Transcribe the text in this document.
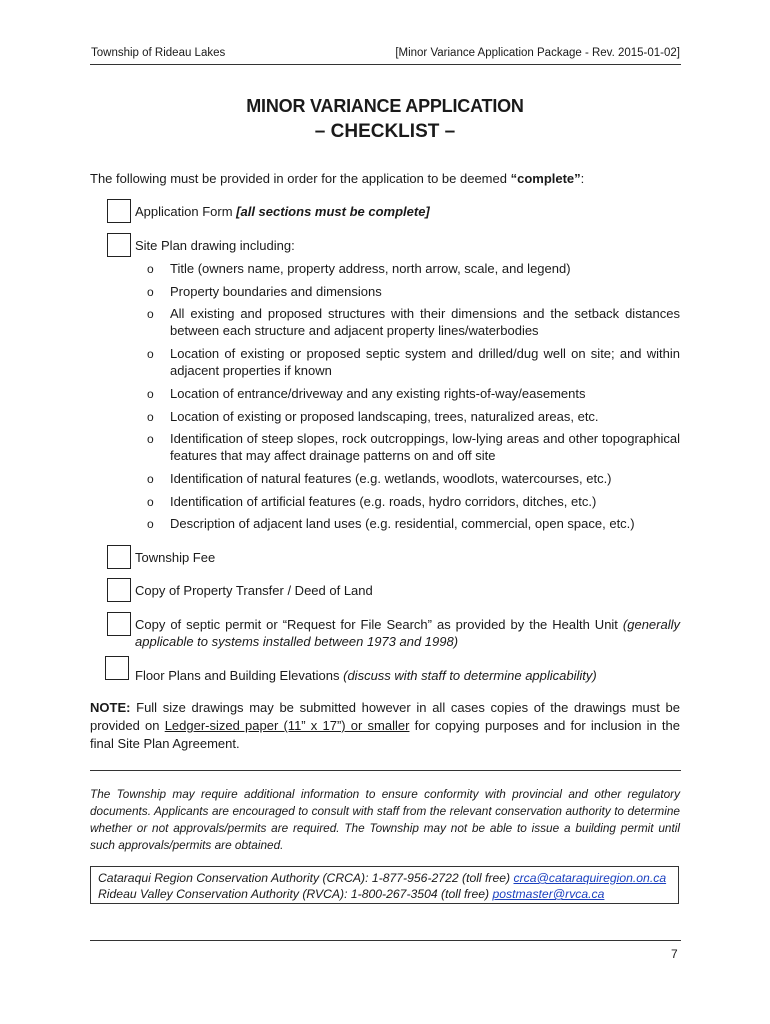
Township of Rideau Lakes	[Minor Variance Application Package - Rev. 2015-01-02]
MINOR VARIANCE APPLICATION
– CHECKLIST –
The following must be provided in order for the application to be deemed “complete”:
Application Form [all sections must be complete]
Site Plan drawing including:
o Title (owners name, property address, north arrow, scale, and legend)
o Property boundaries and dimensions
o All existing and proposed structures with their dimensions and the setback distances between each structure and adjacent property lines/waterbodies
o Location of existing or proposed septic system and drilled/dug well on site; and within adjacent properties if known
o Location of entrance/driveway and any existing rights-of-way/easements
o Location of existing or proposed landscaping, trees, naturalized areas, etc.
o Identification of steep slopes, rock outcroppings, low-lying areas and other topographical features that may affect drainage patterns on and off site
o Identification of natural features (e.g. wetlands, woodlots, watercourses, etc.)
o Identification of artificial features (e.g. roads, hydro corridors, ditches, etc.)
o Description of adjacent land uses (e.g. residential, commercial, open space, etc.)
Township Fee
Copy of Property Transfer / Deed of Land
Copy of septic permit or “Request for File Search” as provided by the Health Unit (generally applicable to systems installed between 1973 and 1998)
Floor Plans and Building Elevations (discuss with staff to determine applicability)
NOTE: Full size drawings may be submitted however in all cases copies of the drawings must be provided on Ledger-sized paper (11” x 17”) or smaller for copying purposes and for inclusion in the final Site Plan Agreement.
The Township may require additional information to ensure conformity with provincial and other regulatory documents. Applicants are encouraged to consult with staff from the relevant conservation authority to determine whether or not approvals/permits are required. The Township may not be able to issue a building permit until such approvals/permits are obtained.
Cataraqui Region Conservation Authority (CRCA): 1-877-956-2722 (toll free) crca@cataraquiregion.on.ca
Rideau Valley Conservation Authority (RVCA): 1-800-267-3504 (toll free) postmaster@rvca.ca
7
